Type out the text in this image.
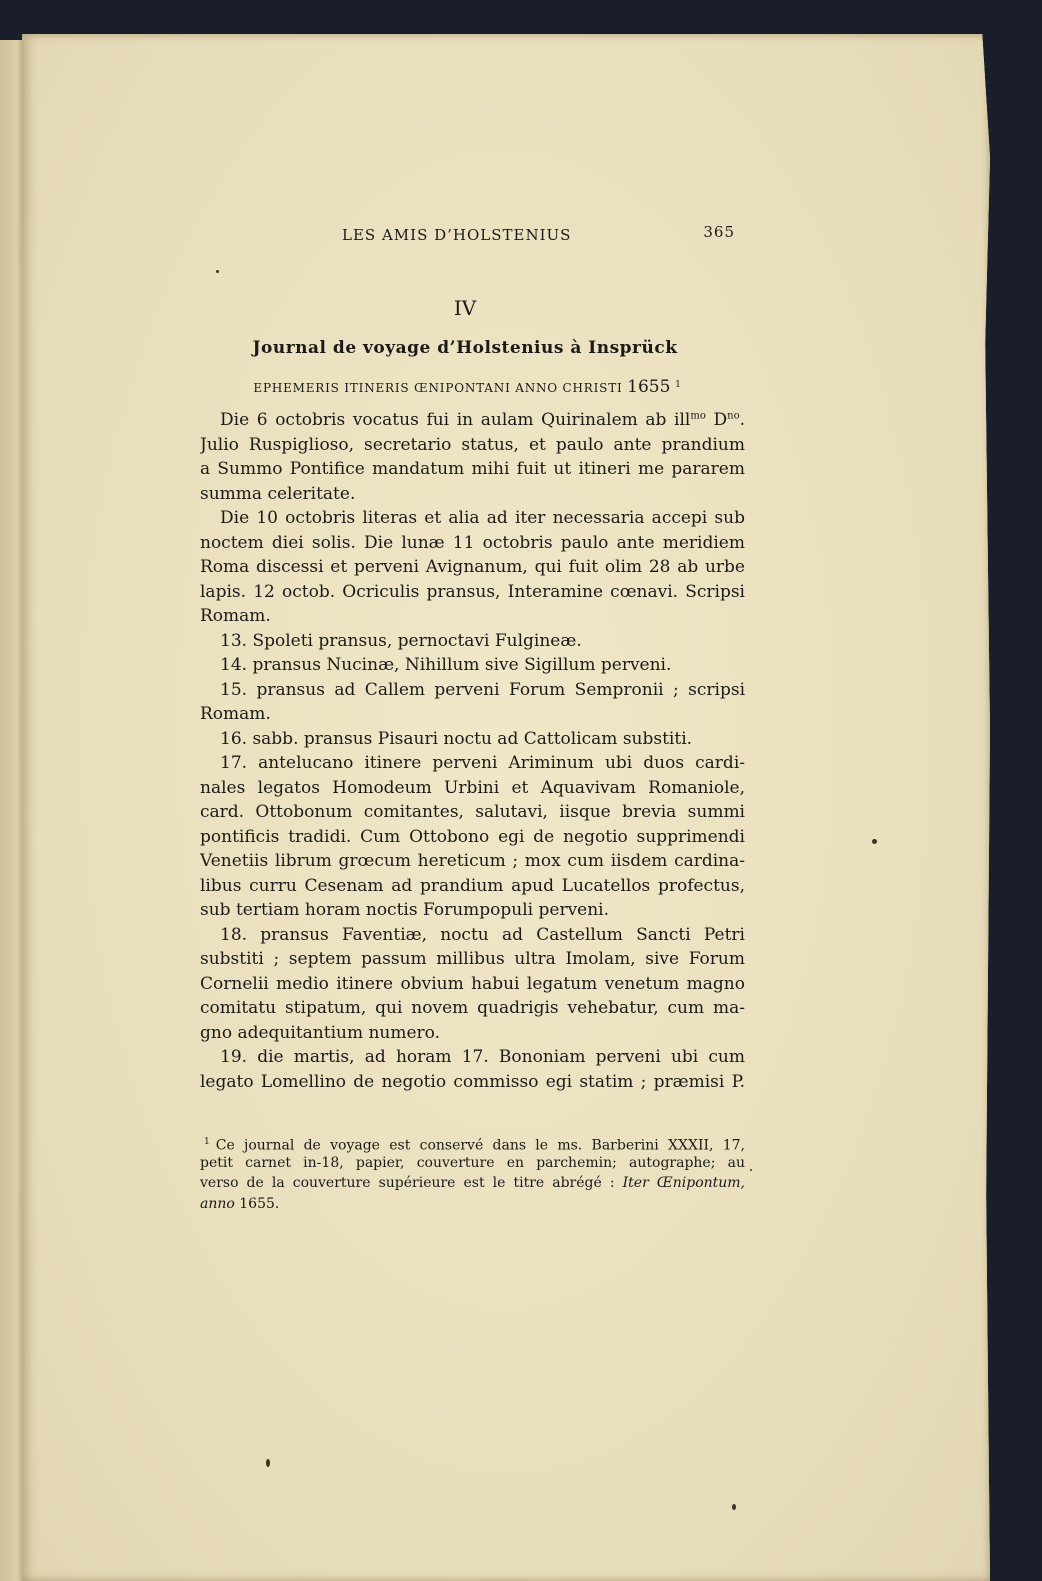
LES AMIS D’HOLSTENIUS	365
IV
Journal de voyage d’Holstenius à Insprück
EPHEMERIS ITINERIS ŒNIPONTANI ANNO CHRISTI 1655 $^1$
Die 6 octobris vocatus fui in aulam Quirinalem ab ill$^{mo}$ $D^{no}$.
Julio Ruspiglioso, secretario status, et paulo ante prandium
a Summo Pontifice mandatum mihi fuit ut itineri me pararem
summa celeritate.
Die 10 octobris literas et alia ad iter necessaria accepi sub
noctem diei solis. Die lunæ 11 octobris paulo ante meridiem
Roma discessi et perveni Avignanum, qui fuit olim 28 ab urbe
lapis. 12 octob. Ocriculis pransus, Interamine cœnavi. Scripsi
Romam.
13. Spoleti pransus, pernoctavi Fulgineæ.
14. pransus Nucinæ, Nihillum sive Sigillum perveni.
15. pransus ad Callem perveni Forum Sempronii ; scripsi
Romam.
16. sabb. pransus Pisauri noctu ad Cattolicam substiti.
17. antelucano itinere perveni Ariminum ubi duos cardi-
nales legatos Homodeum Urbini et Aquavivam Romaniole,
card. Ottobonum comitantes, salutavi, iisque brevia summi
pontificis tradidi. Cum Ottobono egi de negotio supprimendi
Venetiis librum grœcum hereticum ; mox cum iisdem cardina-
libus curru Cesenam ad prandium apud Lucatellos profectus,
sub tertiam horam noctis Forumpopuli perveni.
18. pransus Faventiæ, noctu ad Castellum Sancti Petri
substiti ; septem passum millibus ultra Imolam, sive Forum
Cornelii medio itinere obvium habui legatum venetum magno
comitatu stipatum, qui novem quadrigis vehebatur, cum ma-
gno adequitantium numero.
19. die martis, ad horam 17. Bononiam perveni ubi cum
legato Lomellino de negotio commisso egi statim ; præmisi P.
$^1$ Ce journal de voyage est conservé dans le ms. Barberini XXXII, 17,
petit carnet in-18, papier, couverture en parchemin; autographe; au
verso de la couverture supérieure est le titre abrégé : Iter Œnipontum,
anno 1655.
